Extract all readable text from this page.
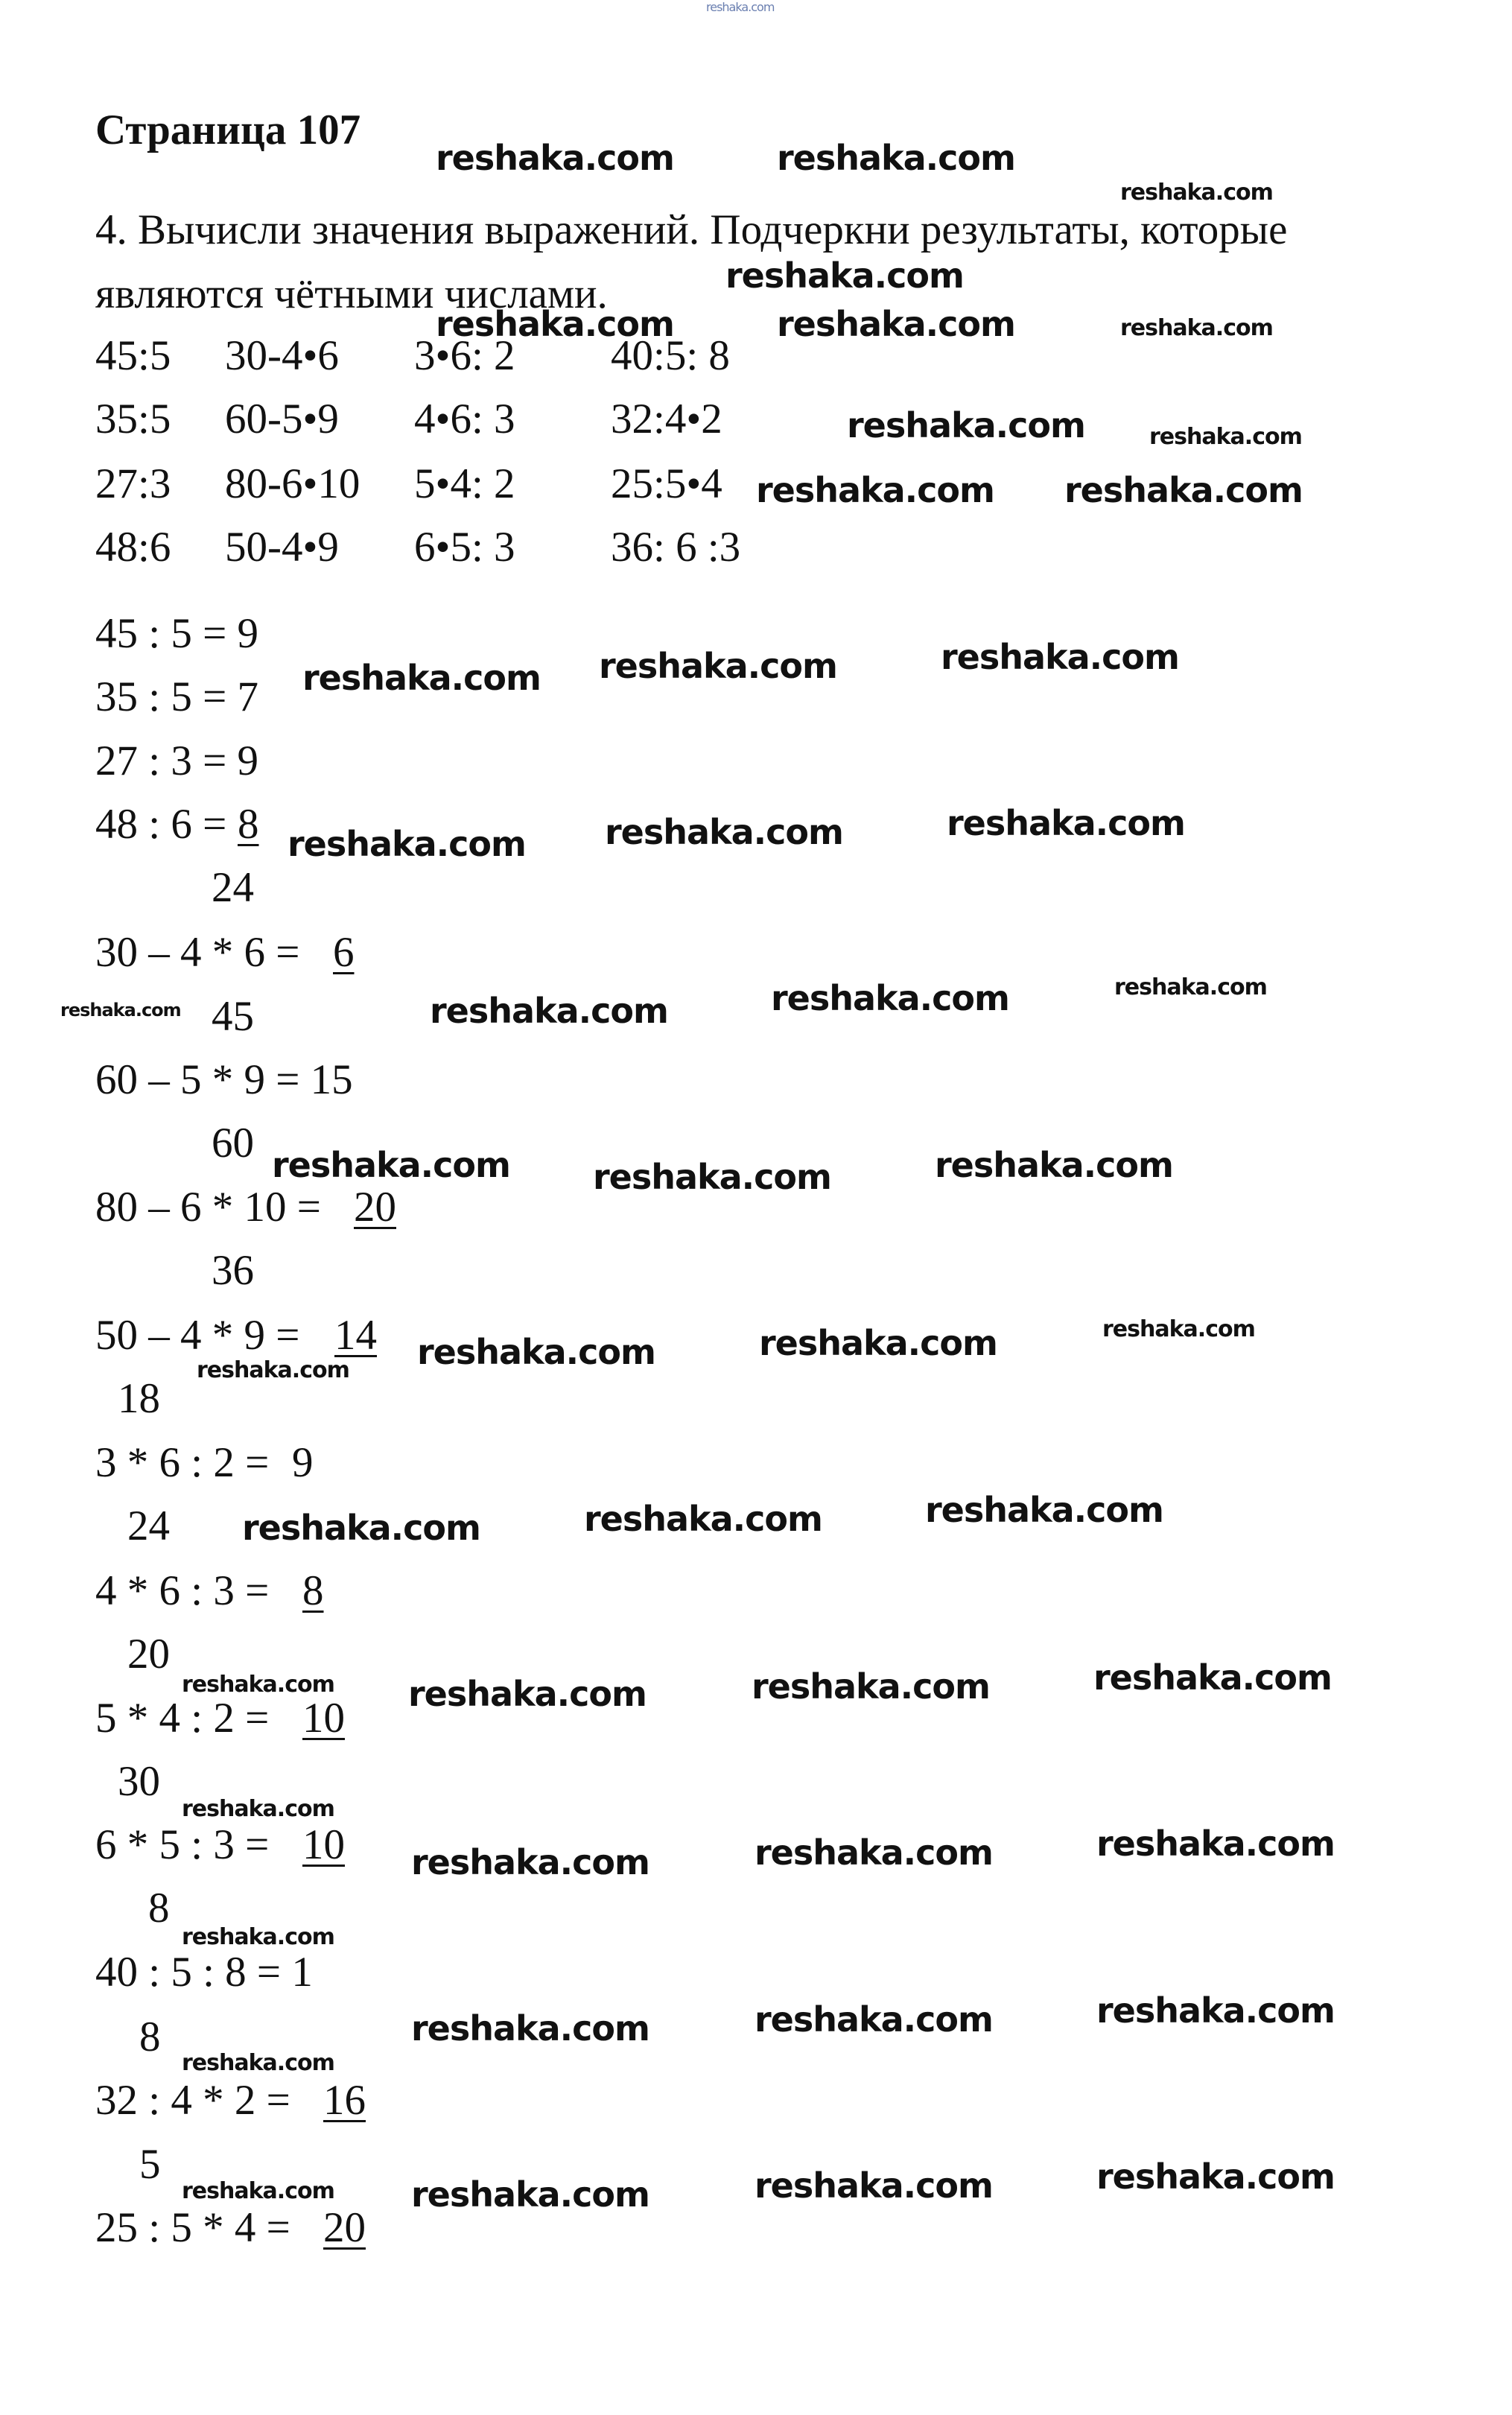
Страница 107
4. Вычисли значения выражений. Подчеркни результаты, которые
являются чётными числами.
45:5 30-4•6 3•6: 2 40:5: 8
35:5 60-5•9 4•6: 3 32:4•2
27:3 80-6•10 5•4: 2 25:5•4
48:6 50-4•9 6•5: 3 36: 6 :3
45 : 5 = 9
35 : 5 = 7
27 : 3 = 9
48 : 6 = 8
24
30 – 4 * 6 = 6
45
60 – 5 * 9 = 15
60
80 – 6 * 10 = 20
36
50 – 4 * 9 = 14
18
3 * 6 : 2 = 9
24
4 * 6 : 3 = 8
20
5 * 4 : 2 = 10
30
6 * 5 : 3 = 10
8
40 : 5 : 8 = 1
8
32 : 4 * 2 = 16
5
25 : 5 * 4 = 20
reshaka.com	reshaka.com
reshaka.com	reshaka.com
reshaka.com
reshaka.com
reshaka.com reshaka.com
reshaka.com reshaka.com	reshaka.com
reshaka.com reshaka.com	reshaka.com
reshaka.com	reshaka.com
reshaka.com reshaka.com	reshaka.com
reshaka.com	reshaka.com
reshaka.com	reshaka.com	reshaka.com
reshaka.com	reshaka.com	reshaka.com
reshaka.com	reshaka.com	reshaka.com
reshaka.com	reshaka.com	reshaka.com
reshaka.com	reshaka.com	reshaka.com
reshaka.com
reshaka.com
reshaka.com
reshaka.com
reshaka.com
reshaka.com
reshaka.com
reshaka.com
reshaka.com
reshaka.com
reshaka.com
reshaka.com
reshaka.com
